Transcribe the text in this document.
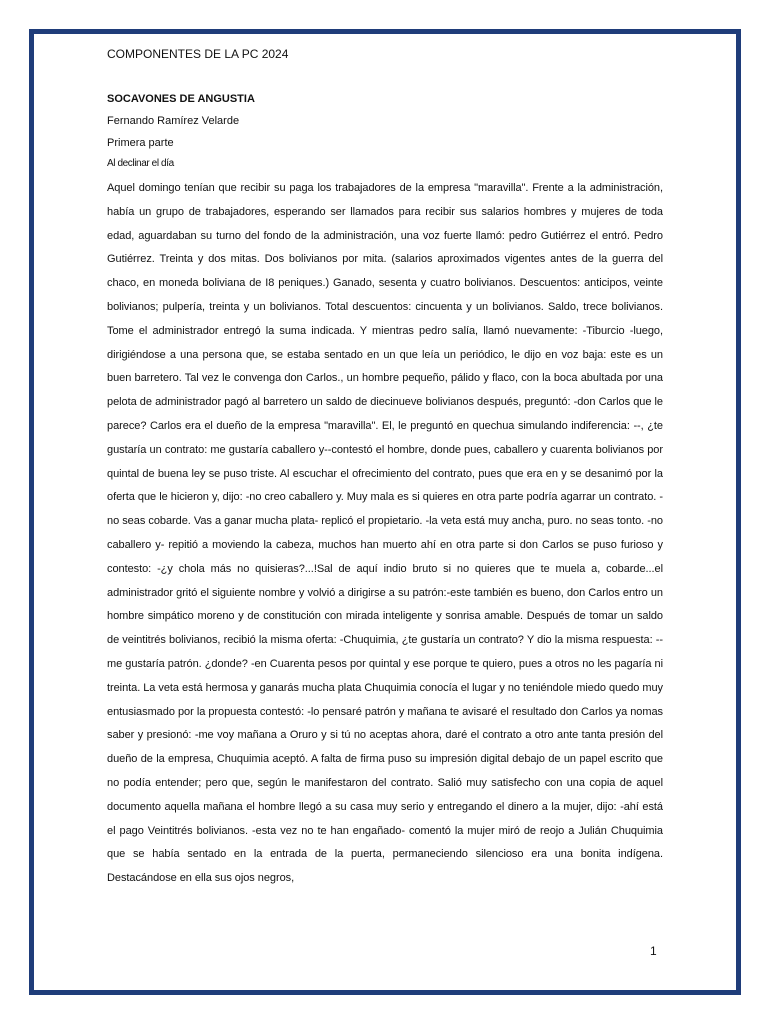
COMPONENTES DE LA PC 2024
SOCAVONES DE ANGUSTIA
Fernando Ramírez Velarde
Primera parte
Al declinar el día

Aquel domingo tenían que recibir su paga los trabajadores de la empresa "maravilla". Frente a la administración, había un grupo de trabajadores, esperando ser llamados para recibir sus salarios hombres y mujeres de toda edad, aguardaban su turno del fondo de la administración, una voz fuerte llamó: pedro Gutiérrez el entró. Pedro Gutiérrez. Treinta y dos mitas. Dos bolivianos por mita. (salarios aproximados vigentes antes de la guerra del chaco, en moneda boliviana de I8 peniques.) Ganado, sesenta y cuatro bolivianos. Descuentos: anticipos, veinte bolivianos; pulpería, treinta y un bolivianos. Total descuentos: cincuenta y un bolivianos. Saldo, trece bolivianos. Tome el administrador entregó la suma indicada. Y mientras pedro salía, llamó nuevamente: -Tiburcio -luego, dirigiéndose a una persona que, se estaba sentado en un que leía un periódico, le dijo en voz baja: este es un buen barretero. Tal vez le convenga don Carlos., un hombre pequeño, pálido y flaco, con la boca abultada por una pelota de administrador pagó al barretero un saldo de diecinueve bolivianos después, preguntó: -don Carlos que le parece? Carlos era el dueño de la empresa "maravilla". El, le preguntó en quechua simulando indiferencia: --, ¿te gustaría un contrato: me gustaría caballero y--contestó el hombre, donde pues, caballero y cuarenta bolivianos por quintal de buena ley se puso triste. Al escuchar el ofrecimiento del contrato, pues que era en y se desanimó por la oferta que le hicieron y, dijo: -no creo caballero y. Muy mala es si quieres en otra parte podría agarrar un contrato. -no seas cobarde. Vas a ganar mucha plata- replicó el propietario. -la veta está muy ancha, puro. no seas tonto. -no caballero y- repitió a moviendo la cabeza, muchos han muerto ahí en otra parte si don Carlos se puso furioso y contesto: -¿y chola más no quisieras?...!Sal de aquí indio bruto si no quieres que te muela a, cobarde...el administrador gritó el siguiente nombre y volvió a dirigirse a su patrón:-este también es bueno, don Carlos entro un hombre simpático moreno y de constitución con mirada inteligente y sonrisa amable. Después de tomar un saldo de veintitrés bolivianos, recibió la misma oferta: -Chuquimia, ¿te gustaría un contrato? Y dio la misma respuesta: --me gustaría patrón. ¿donde? -en Cuarenta pesos por quintal y ese porque te quiero, pues a otros no les pagaría ni treinta. La veta está hermosa y ganarás mucha plata Chuquimia conocía el lugar y no teniéndole miedo quedo muy entusiasmado por la propuesta contestó: -lo pensaré patrón y mañana te avisaré el resultado don Carlos ya nomas saber y presionó: -me voy mañana a Oruro y si tú no aceptas ahora, daré el contrato a otro ante tanta presión del dueño de la empresa, Chuquimia aceptó. A falta de firma puso su impresión digital debajo de un papel escrito que no podía entender; pero que, según le manifestaron del contrato. Salió muy satisfecho con una copia de aquel documento aquella mañana el hombre llegó a su casa muy serio y entregando el dinero a la mujer, dijo: -ahí está el pago Veintitrés bolivianos. -esta vez no te han engañado- comentó la mujer miró de reojo a Julián Chuquimia que se había sentado en la entrada de la puerta, permaneciendo silencioso era una bonita indígena. Destacándose en ella sus ojos negros,

1
